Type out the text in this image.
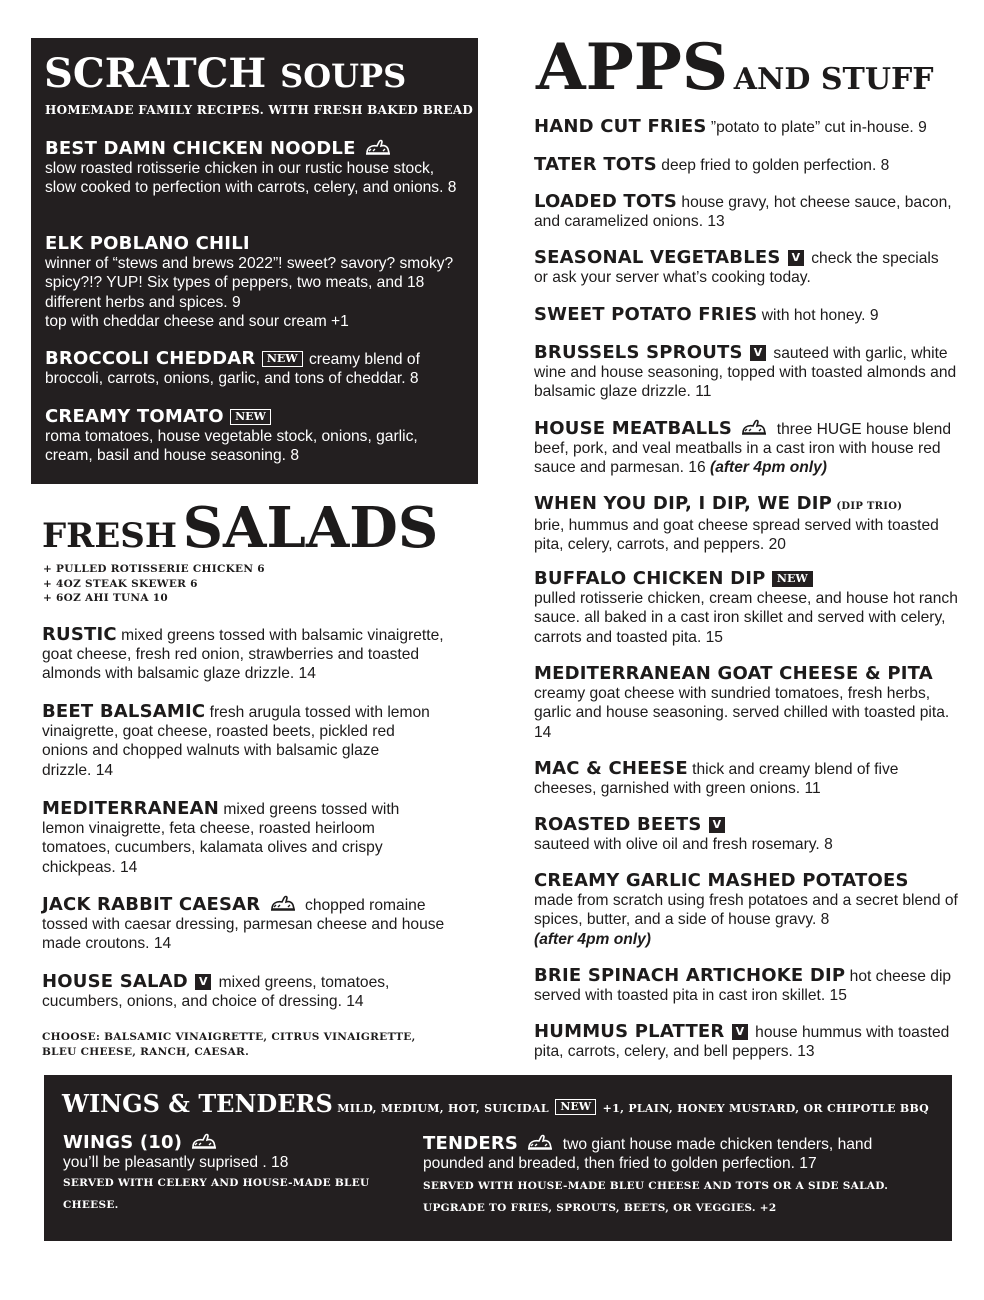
SCRATCH SOUPS
HOMEMADE FAMILY RECIPES. WITH FRESH BAKED BREAD
BEST DAMN CHICKEN NOODLE
slow roasted rotisserie chicken in our rustic house stock, slow cooked to perfection with carrots, celery, and onions. 8
ELK POBLANO CHILI
winner of “stews and brews 2022”! sweet? savory? smoky? spicy?!? YUP! Six types of peppers, two meats, and 18 different herbs and spices. 9
top with cheddar cheese and sour cream +1
BROCCOLI CHEDDAR NEW creamy blend of broccoli, carrots, onions, garlic, and tons of cheddar. 8
CREAMY TOMATO NEW
roma tomatoes, house vegetable stock, onions, garlic, cream, basil and house seasoning. 8
FRESH SALADS
+ PULLED ROTISSERIE CHICKEN 6
+ 4OZ STEAK SKEWER 6
+ 6OZ AHI TUNA 10
RUSTIC mixed greens tossed with balsamic vinaigrette, goat cheese, fresh red onion, strawberries and toasted almonds with balsamic glaze drizzle. 14
BEET BALSAMIC fresh arugula tossed with lemon vinaigrette, goat cheese, roasted beets, pickled red onions and chopped walnuts with balsamic glaze drizzle. 14
MEDITERRANEAN mixed greens tossed with lemon vinaigrette, feta cheese, roasted heirloom tomatoes, cucumbers, kalamata olives and crispy chickpeas. 14
JACK RABBIT CAESAR	chopped romaine tossed with caesar dressing, parmesan cheese and house made croutons. 14
HOUSE SALAD V mixed greens, tomatoes, cucumbers, onions, and choice of dressing. 14
CHOOSE: BALSAMIC VINAIGRETTE, CITRUS VINAIGRETTE, BLEU CHEESE, RANCH, CAESAR.
APPS AND STUFF
HAND CUT FRIES ”potato to plate” cut in-house. 9
TATER TOTS deep fried to golden perfection. 8
LOADED TOTS house gravy, hot cheese sauce, bacon, and caramelized onions. 13
SEASONAL VEGETABLES V check the specials or ask your server what’s cooking today.
SWEET POTATO FRIES with hot honey. 9
BRUSSELS SPROUTS V sauteed with garlic, white wine and house seasoning, topped with toasted almonds and balsamic glaze drizzle. 11
HOUSE MEATBALLS	three HUGE house blend beef, pork, and veal meatballs in a cast iron with house red sauce and parmesan. 16 (after 4pm only)
WHEN YOU DIP, I DIP, WE DIP (DIP TRIO)
brie, hummus and goat cheese spread served with toasted pita, celery, carrots, and peppers. 20
BUFFALO CHICKEN DIP NEW
pulled rotisserie chicken, cream cheese, and house hot ranch sauce. all baked in a cast iron skillet and served with celery, carrots and toasted pita. 15
MEDITERRANEAN GOAT CHEESE & PITA
creamy goat cheese with sundried tomatoes, fresh herbs, garlic and house seasoning. served chilled with toasted pita. 14
MAC & CHEESE thick and creamy blend of five cheeses, garnished with green onions. 11
ROASTED BEETS V
sauteed with olive oil and fresh rosemary. 8
CREAMY GARLIC MASHED POTATOES
made from scratch using fresh potatoes and a secret blend of spices, butter, and a side of house gravy. 8
(after 4pm only)
BRIE SPINACH ARTICHOKE DIP hot cheese dip served with toasted pita in cast iron skillet. 15
HUMMUS PLATTER V house hummus with toasted pita, carrots, celery, and bell peppers. 13
WINGS & TENDERS MILD, MEDIUM, HOT, SUICIDAL NEW +1, PLAIN, HONEY MUSTARD, OR CHIPOTLE BBQ
WINGS (10)
you’ll be pleasantly suprised . 18
SERVED WITH CELERY AND HOUSE-MADE BLEU CHEESE.
TENDERS	two giant house made chicken tenders, hand pounded and breaded, then fried to golden perfection. 17
SERVED WITH HOUSE-MADE BLEU CHEESE AND TOTS OR A SIDE SALAD.
UPGRADE TO FRIES, SPROUTS, BEETS, OR VEGGIES. +2
